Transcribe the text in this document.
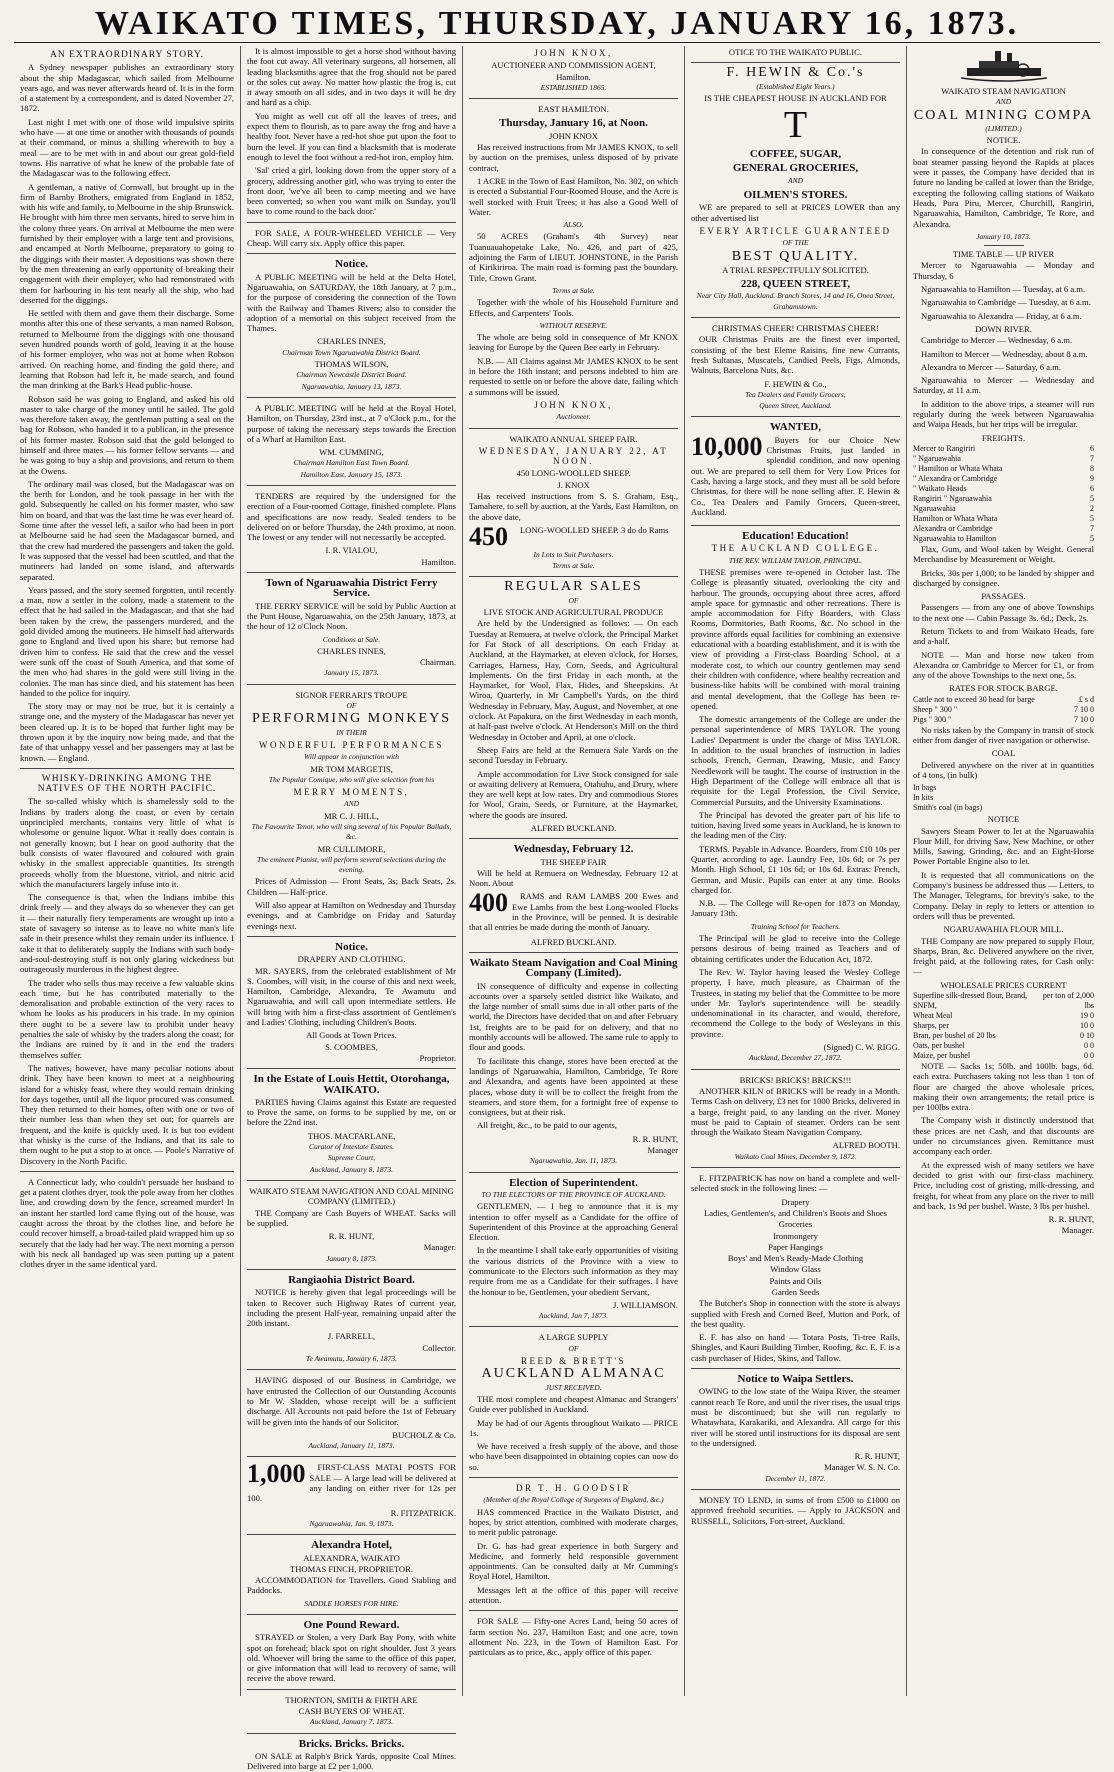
WAIKATO TIMES, THURSDAY, JANUARY 16, 1873.
AN EXTRAORDINARY STORY.

A Sydney newspaper publishes an extraordinary story about the ship Madagascar, which sailed from Melbourne years ago, and was never afterwards heard of. It is in the form of a statement by a correspondent, and is dated November 27, 1872.

Last night I met with one of those wild impulsive spirits who have — at one time or another with thousands of pounds at their command, or minus a shilling wherewith to buy a meal — are to be met with in and about our great gold-field towns. His narrative of what he knew of the probable fate of the Madagascar was to the following effect.

A gentleman, a native of Cornwall, but brought up in the firm of Barnby Brothers, emigrated from England in 1852, with his wife and family, to Melbourne in the ship Brunswick. He brought with him three men servants, hired to serve him in the colony three years. On arrival at Melbourne the men were furnished by their employer with a large tent and provisions, and encamped at North Melbourne, preparatory to going to the diggings with their master. A depositions was shown there by the men threatening an early opportunity of breaking their engagement with their employer, who had remonstrated with them for harbouring in his tent nearly all the ship, who had deserted for the diggings.

He settled with them and gave them their discharge. Some months after this one of these servants, a man named Robson, returned to Melbourne from the diggings with one thousand seven hundred pounds worth of gold, leaving it at the house of his former employer, who was not at home when Robson arrived. On reaching home, and finding the gold there, and learning that Robson had left it, he made search, and found the man drinking at the Bark's Head public-house.

Robson said he was going to England, and asked his old master to take charge of the money until he sailed. The gold was therefore taken away, the gentleman putting a seal on the bag for Robson, who handed it to a publican, in the presence of his former master. Robson said that the gold belonged to himself and three mates — his former fellow servants — and he was going to buy a ship and provisions, and return to them at the Owens.

The ordinary mail was closed, but the Madagascar was on the berth for London, and he took passage in her with the gold. Subsequently he called on his former master, who saw him on board, and that was the last time he was ever heard of. Some time after the vessel left, a sailor who had been in port at Melbourne said he had seen the Madagascar burned, and that the crew had murdered the passengers and taken the gold. It was supposed that the vessel had been scuttled, and that the mutineers had landed on some island, and afterwards separated.

Years passed, and the story seemed forgotten, until recently a man, now a settler in the colony, made a statement to the effect that he had sailed in the Madagascar, and that she had been taken by the crew, the passengers murdered, and the gold divided among the mutineers. He himself had afterwards gone to England and lived upon his share; but remorse had driven him to confess. He said that the crew and the vessel were sunk off the coast of South America, and that some of the men who had shares in the gold were still living in the colonies. The man has since died, and his statement has been handed to the police for inquiry.

The story may or may not be true, but it is certainly a strange one, and the mystery of the Madagascar has never yet been cleared up. It is to be hoped that further light may be thrown upon it by the inquiry now being made, and that the fate of that unhappy vessel and her passengers may at last be known. — England.

WHISKY-DRINKING AMONG THE NATIVES OF THE NORTH PACIFIC.

The so-called whisky which is shamelessly sold to the Indians by traders along the coast, or even by certain unprincipled merchants, contains very little of what is wholesome or genuine liquor. What it really does contain is not generally known; but I hear on good authority that the bulk consists of water flavoured and coloured with grain whisky in the smallest appreciable quantities. Its strength proceeds wholly from the bluestone, vitriol, and nitric acid which the manufacturers largely infuse into it.

The consequence is that, when the Indians imbibe this drink freely — and they always do so whenever they can get it — their naturally fiery temperaments are wrought up into a state of savagery so intense as to leave no white man's life safe in their presence whilst they remain under its influence. I take it that to deliberately supply the Indians with such body-and-soul-destroying stuff is not only glaring wickedness but outrageously murderous in the highest degree.

The trader who sells thus may receive a few valuable skins each time, but he has contributed materially to the demoralisation and probable extinction of the very races to whom he looks as his producers in his trade. In my opinion there ought to be a severe law to prohibit under heavy penalties the sale of whisky by the traders along the coast; for the Indians are ruined by it and in the end the traders themselves suffer.

The natives, however, have many peculiar notions about drink. They have been known to meet at a neighbouring island for a whisky feast, where they would remain drinking for days together, until all the liquor procured was consumed. They then returned to their homes, often with one or two of their number less than when they set out; for quarrels are frequent, and the knife is quickly used. It is but too evident that whisky is the curse of the Indians, and that its sale to them ought to be put a stop to at once. — Poole's Narrative of Discovery in the North Pacific.

A Connecticut lady, who couldn't persuade her husband to get a patent clothes dryer, took the pole away from her clothes line, and crowding down by the fence, screamed murder! In an instant her startled lord came flying out of the house, was caught across the throat by the clothes line, and before he could recover himself, a broad-tailed plaid wrapped him up so securely that the lady had her way. The next morning a person with his neck all bandaged up was seen putting up a patent clothes dryer in the same identical yard.

It is almost impossible to get a horse shod without having the foot cut away. All veterinary surgeons, all horsemen, all leading blacksmiths agree that the frog should not be pared or the soles cut away. No matter how plastic the frog is, cut it away smooth on all sides, and in two days it will be dry and hard as a chip.

You might as well cut off all the leaves of trees, and expect them to flourish, as to pare away the frog and have a healthy foot. Never have a red-hot shoe put upon the foot to burn the level. If you can find a blacksmith that is moderate enough to level the foot without a red-hot iron, employ him.

'Sal' cried a girl, looking down from the upper story of a grocery, addressing another girl, who was trying to enter the front door, 'we've all been to camp meeting and we have been converted; so when you want milk on Sunday, you'll have to come round to the back door.'

FOR SALE, A FOUR-WHEELED VEHICLE — Very Cheap. Will carry six. Apply office this paper.

Notice.

A PUBLIC MEETING will be held at the Delta Hotel, Ngaruawahia, on SATURDAY, the 18th January, at 7 p.m., for the purpose of considering the connection of the Town with the Railway and Thames Rivers; also to consider the adoption of a memorial on this subject received from the Thames.

CHARLES INNES,
Chairman Town Ngaruawahia District Board.
THOMAS WILSON,
Chairman Newcastle District Board.
Ngaruawahia, January 13, 1873.

A PUBLIC MEETING will be held at the Royal Hotel, Hamilton, on Thursday, 23rd inst., at 7 o'Clock p.m., for the purpose of taking the necessary steps towards the Erection of a Wharf at Hamilton East.

WM. CUMMING,
Chairman Hamilton East Town Board.
Hamilton East, January 15, 1873.

TENDERS are required by the undersigned for the erection of a Four-roomed Cottage, finished complete. Plans and specifications are now ready. Sealed tenders to be delivered on or before Thursday, the 24th proximo, at noon. The lowest or any tender will not necessarily be accepted.

I. R. VIALOU,
Hamilton.
Town of Ngaruawahia District Ferry Service.

THE FERRY SERVICE will be sold by Public Auction at the Punt House, Ngaruawahia, on the 25th January, 1873, at the hour of 12 o'Clock Noon.

Conditions at Sale.
CHARLES INNES,
Chairman.
January 15, 1873.
SIGNOR FERRARI'S TROUPE
OF
PERFORMING MONKEYS
IN THEIR
WONDERFUL PERFORMANCES
Will appear in conjunction with
MR TOM MARGETIS,
The Popular Comique, who will give selection from his
MERRY MOMENTS,
AND
MR C. J. HILL,
The Favourite Tenor, who will sing several of his Popular Ballads, &c.
MR CULLIMORE,
The eminent Pianist, will perform several selections during the evening.

Prices of Admission — Front Seats, 3s; Back Seats, 2s. Children — Half-price.

Will also appear at Hamilton on Wednesday and Thursday evenings, and at Cambridge on Friday and Saturday evenings next.

Notice.
DRAPERY AND CLOTHING.

MR. SAYERS, from the celebrated establishment of Mr S. Coombes, will visit, in the course of this and next week, Hamilton, Cambridge, Alexandra, Te Awamutu and Ngaruawahia, and will call upon intermediate settlers. He will bring with him a first-class assortment of Gentlemen's and Ladies' Clothing, including Children's Boots.

All Goods at Town Prices.
S. COOMBES,
Proprietor.
In the Estate of Louis Hettit, Otorohanga, WAIKATO.

PARTIES having Claims against this Estate are requested to Prove the same, on forms to be supplied by me, on or before the 22nd inst.

THOS. MACFARLANE,
Curator of Intestate Estates.
Supreme Court,
Auckland, January 8, 1873.
WAIKATO STEAM NAVIGATION AND COAL MINING COMPANY (LIMITED.)

THE Company are Cash Buyers of WHEAT. Sacks will be supplied.

R. R. HUNT,
Manager.
January 8, 1873.
Rangiaohia District Board.

NOTICE is hereby given that legal proceedings will be taken to Recover such Highway Rates of current year, including the present Half-year, remaining unpaid after the 20th instant.

J. FARRELL,
Collector.
Te Awamutu, January 6, 1873.

HAVING disposed of our Business in Cambridge, we have entrusted the Collection of our Outstanding Accounts to Mr W. Sladden, whose receipt will be a sufficient discharge. All Accounts not paid before the 1st of February will be given into the hands of our Solicitor.

BUCHOLZ & Co.
Auckland, January 11, 1873.
1,000	FIRST-CLASS MATAI POSTS FOR SALE — A large lead will be delivered at any landing on either river for 12s per 100.

R. FITZPATRICK.
Ngaruawahia, Jan. 9, 1873.
Alexandra Hotel,
ALEXANDRA, WAIKATO
THOMAS FINCH, PROPRIETOR.

ACCOMMODATION for Travellers. Good Stabling and Paddocks.

SADDLE HORSES FOR HIRE.
One Pound Reward.

STRAYED or Stolen, a very Dark Bay Pony, with white spot on forehead; black spot on right shoulder. Just 3 years old. Whoever will bring the same to the office of this paper, or give information that will lead to recovery of same, will receive the above reward.

THORNTON, SMITH & FIRTH ARE
CASH BUYERS OF WHEAT.
Auckland, January 7, 1873.
Bricks. Bricks. Bricks.

ON SALE at Ralph's Brick Yards, opposite Coal Mines. Delivered into barge at £2 per 1,000.

JOHN KNOX,
AUCTIONEER AND COMMISSION AGENT,
Hamilton.
ESTABLISHED 1865.
EAST HAMILTON.
Thursday, January 16, at Noon.
JOHN KNOX

Has received instructions from Mr JAMES KNOX, to sell by auction on the premises, unless disposed of by private contract,

1 ACRE in the Town of East Hamilton, No. 302, on which is erected a Substantial Four-Roomed House, and the Acre is well stocked with Fruit Trees; it has also a Good Well of Water.

ALSO,

50 ACRES (Graham's 4th Survey) near Tuanuauahopetake Lake, No. 426, and part of 425, adjoining the Farm of LIEUT. JOHNSTONE, in the Parish of Kirikiriroa. The main road is forming past the boundary. Title, Crown Grant.

Terms at Sale.

Together with the whole of his Household Furniture and Effects, and Carpenters' Tools.

WITHOUT RESERVE.

The whole are being sold in consequence of Mr KNOX leaving for Europe by the Queen Bee early in February.

N.B. — All Claims against Mr JAMES KNOX to be sent in before the 16th instant; and persons indebted to him are requested to settle on or before the above date, failing which a summons will be issued.

JOHN KNOX,
Auctioneer.
WAIKATO ANNUAL SHEEP FAIR.
WEDNESDAY, JANUARY 22, AT NOON.
450 LONG-WOOLLED SHEEP.
J. KNOX

Has received instructions from S. S. Graham, Esq., Tamahere, to sell by auction, at the Yards, East Hamilton, on the above date,

450	LONG-WOOLLED SHEEP. 3 do do Rams

In Lots to Suit Purchasers.
Terms at Sale.
REGULAR SALES
OF
LIVE STOCK AND AGRICULTURAL PRODUCE

Are held by the Undersigned as follows: — On each Tuesday at Remuera, at twelve o'clock, the Principal Market for Fat Stock of all descriptions. On each Friday at Auckland, at the Haymarket, at eleven o'clock, for Horses, Carriages, Harness, Hay, Corn, Seeds, and Agricultural Implements. On the first Friday in each month, at the Haymarket, for Wool, Flax, Hides, and Sheepskins. At Wiroa, Quarterly, in Mr Campbell's Yards, on the third Wednesday in February, May, August, and November, at one o'clock. At Papakura, on the first Wednesday in each month, at half-past twelve o'clock. At Henderson's Mill on the third Wednesday in October and April, at one o'clock.

Sheep Fairs are held at the Remuera Sale Yards on the second Tuesday in February.

Ample accommodation for Live Stock consigned for sale or awaiting delivery at Remuera, Otahuhu, and Drury, where they are well kept at low rates. Dry and commodious Stores for Wool, Grain, Seeds, or Furniture, at the Haymarket, where the goods are insured.

ALFRED BUCKLAND.
Wednesday, February 12.
THE SHEEP FAIR

Will be held at Remuera on Wednesday, February 12 at Noon. About

400	RAMS and RAM LAMBS 200 Ewes and Ewe Lambs from the best Long-wooled Flocks in the Province, will be penned. It is desirable that all entries be made during the month of January.

ALFRED BUCKLAND.
Waikato Steam Navigation and Coal Mining Company (Limited).

IN consequence of difficulty and expense in collecting accounts over a sparsely settled district like Waikato, and the large number of small sums due in all other parts of the world, the Directors have decided that on and after February 1st, freights are to be paid for on delivery, and that no monthly accounts will be allowed. The same rule to apply to flour and goods.

To facilitate this change, stores have been erected at the landings of Ngaruawahia, Hamilton, Cambridge, Te Rore and Alexandra, and agents have been appointed at these places, whose duty it will be to collect the freight from the steamers, and store them, for a fortnight free of expense to consignees, but at their risk.

All freight, &c., to be paid to our agents,

R. R. HUNT,
Manager
Ngaruawahia, Jan. 11, 1873.
Election of Superintendent.
TO THE ELECTORS OF THE PROVINCE OF AUCKLAND.

GENTLEMEN, — I beg to announce that it is my intention to offer myself as a Candidate for the office of Superintendent of this Province at the approaching General Election.

In the meantime I shall take early opportunities of visiting the various districts of the Province with a view to communicate to the Electors such information as they may require from me as a Candidate for their suffrages. I have the honour to be, Gentlemen, your obedient Servant,

J. WILLIAMSON.
Auckland, Jan 7, 1873.
A LARGE SUPPLY
OF
REED & BRETT'S
AUCKLAND ALMANAC
JUST RECEIVED.

THE most complete and cheapest Almanac and Strangers' Guide ever published in Auckland.

May be had of our Agents throughout Waikato — PRICE 1s.

We have received a fresh supply of the above, and those who have been disappointed in obtaining copies can now do so.

DR T. H. GOODSIR
(Member of the Royal College of Surgeons of England, &c.)

HAS commenced Practice in the Waikato District, and hopes, by strict attention, combined with moderate charges, to merit public patronage.

Dr. G. has had great experience in both Surgery and Medicine, and formerly held responsible government appointments. Can be consulted daily at Mr Cumming's Royal Hotel, Hamilton.

Messages left at the office of this paper will receive attention.

FOR SALE — Fifty-one Acres Land, being 50 acres of farm section No. 237, Hamilton East; and one acre, town allotment No. 223, in the Town of Hamilton East. For particulars as to price, &c., apply office of this paper.

OTICE TO THE WAIKATO PUBLIC.
F. HEWIN & Co.'s
(Established Eight Years.)
IS THE CHEAPEST HOUSE IN AUCKLAND FOR
T
COFFEE, SUGAR,
GENERAL GROCERIES,
AND
OILMEN'S STORES.

WE are prepared to sell at PRICES LOWER than any other advertised list

EVERY ARTICLE GUARANTEED
OF THE
BEST QUALITY.
A TRIAL RESPECTFULLY SOLICITED.
228, QUEEN STREET,
Near City Hall, Auckland. Branch Stores, 14 and 16, Onea Street, Grahamstown.
CHRISTMAS CHEER! CHRISTMAS CHEER!

OUR Christmas Fruits are the finest ever imported, consisting of the best Eleme Raisins, fine new Currants, fresh Sultanas, Muscatels, Candied Peels, Figs, Almonds, Walnuts, Barcelona Nuts, &c.

F. HEWIN & Co.,
Tea Dealers and Family Grocers,
Queen Street, Auckland.
WANTED,
10,000	Buyers for our Choice New Christmas Fruits, just landed in splendid condition, and now opening out. We are prepared to sell them for Very Low Prices for Cash, having a large stock, and they must all be sold before Christmas, for there will be none selling after. F. Hewin & Co., Tea Dealers and Family Grocers, Queen-street, Auckland.

Education! Education!
THE AUCKLAND COLLEGE.
THE REV. WILLIAM TAYLOR, PRINCIPAL.

THESE premises were re-opened in October last. The College is pleasantly situated, overlooking the city and harbour. The grounds, occupying about three acres, afford ample space for gymnastic and other recreations. There is ample accommodation for Fifty Boarders, with Class Rooms, Dormitories, Bath Rooms, &c. No school in the province affords equal facilities for combining an extensive educational with a boarding establishment, and it is with the view of providing a First-class Boarding School, at a moderate cost, to which our country gentlemen may send their children with confidence, where healthy recreation and business-like habits will be combined with moral training and mental development, that the College has been re-opened.

The domestic arrangements of the College are under the personal superintendence of MRS TAYLOR. The young Ladies' Department is under the charge of Miss TAYLOR. In addition to the usual branches of instruction in ladies schools, French, German, Drawing, Music, and Fancy Needlework will be taught. The course of instruction in the High Department of the College will embrace all that is requisite for the Legal Profession, the Civil Service, Commercial Pursuits, and the University Examinations.

The Principal has devoted the greater part of his life to tuition, having lived some years in Auckland, he is known to the leading men of the City.

TERMS. Payable in Advance. Boarders, from £10 10s per Quarter, according to age. Laundry Fee, 10s 6d; or 7s per Month. High School, £1 10s 6d; or 10s 6d. Extras: French, German, and Music. Pupils can enter at any time. Books charged for.

N.B. — The College will Re-open for 1873 on Monday, January 13th.

Training School for Teachers.

The Principal will be glad to receive into the College persons desirous of being trained as Teachers and of obtaining certificates under the Education Act, 1872.

The Rev. W. Taylor having leased the Wesley College property, I have, much pleasure, as Chairman of the Trustees, in stating my belief that the Committee to be more under Mr. Taylor's superintendence will be steadily undenominational in its character, and would, therefore, recommend the College to the body of Wesleyans in this province.

(Signed) C. W. RIGG.
Auckland, December 27, 1872.
BRICKS! BRICKS! BRICKS!!!

ANOTHER KILN of BRICKS will be ready in a Month. Terms Cash on delivery, £3 net for 1000 Bricks, delivered in a barge, freight paid, to any landing on the river. Money must be paid to Captain of steamer. Orders can be sent through the Waikato Steam Navigation Company.

ALFRED BOOTH.
Waikato Coal Mines, December 9, 1872.

E. FITZPATRICK has now on hand a complete and well-selected stock in the following lines: —

Drapery
Ladies, Gentlemen's, and Children's Boots and Shoes
Groceries
Ironmongery
Paper Hangings
Boys' and Men's Ready-Made Clothing
Window Glass
Paints and Oils
Garden Seeds

The Butcher's Shop in connection with the store is always supplied with Fresh and Corned Beef, Mutton and Pork, of the best quality.

E. F. has also on hand — Totara Posts, Ti-tree Rails, Shingles, and Kauri Building Timber, Roofing, &c. E. F. is a cash purchaser of Hides, Skins, and Tallow.

Notice to Waipa Settlers.

OWING to the low state of the Waipa River, the steamer cannot reach Te Rore, and until the river rises, the usual trips must be discontinued; but she will run regularly to Whatawhata, Karakariki, and Alexandra. All cargo for this river will be stored until instructions for its disposal are sent to the undersigned.

R. R. HUNT,
Manager W. S. N. Co.
December 11, 1872.

MONEY TO LEND, in sums of from £500 to £1000 on approved freehold securities. — Apply to JACKSON and RUSSELL, Solicitors, Fort-street, Auckland.

WAIKATO STEAM NAVIGATION
AND
COAL MINING COMPA
(LIMITED.)
NOTICE.

In consequence of the detention and risk run of boat steamer passing beyond the Rapids at places were it passes, the Company have decided that in future no landing be called at lower than the Bridge, excepting the following calling stations of Waikato Heads, Pura Piru, Mercer, Churchill, Rangiriri, Ngaruawahia, Hamilton, Cambridge, Te Rore, and Alexandra.

January 10, 1873.
TIME TABLE — UP RIVER

Mercer to Ngaruawahia — Monday and Thursday, 6

Ngaruawahia to Hamilton — Tuesday, at 6 a.m.

Ngaruawahia to Cambridge — Tuesday, at 6 a.m.

Ngaruawahia to Alexandra — Friday, at 6 a.m.

DOWN RIVER.

Cambridge to Mercer — Wednesday, 6 a.m.

Hamilton to Mercer — Wednesday, about 8 a.m.

Alexandra to Mercer — Saturday, 6 a.m.

Ngaruawahia to Mercer — Wednesday and Saturday, at 11 a.m.

In addition to the above trips, a steamer will run regularly during the week between Ngaruawahia and Waipa Heads, but her trips will be irregular.

FREIGHTS.
Mercer to Rangiriri	6
" Ngaruawahia	7
" Hamilton or Whata Whata	8
" Alexandra or Cambridge	9
" Waikato Heads	6
Rangiriri " Ngaruawahia	5
Ngaruawahia	2
Hamilton or Whata Whata	5
Alexandra or Cambridge	7
Ngaruawahia to Hamilton	5

Flax, Gum, and Wool taken by Weight. General Merchandise by Measurement or Weight.

Bricks, 30s per 1,000; to be landed by shipper and discharged by consignee.

PASSAGES.

Passengers — from any one of above Townships to the next one — Cabin Passage 3s. 6d.; Deck, 2s.

Return Tickets to and from Waikato Heads, fare and a-half.

NOTE — Man and horse now taken from Alexandra or Cambridge to Mercer for £1, or from any of the above Townships to the next one, 5s.

RATES FOR STOCK BARGE.
Cattle not to exceed 30 head for barge	£ s d
Sheep " 300 "	7 10 0
Pigs " 300 "	7 10 0

No risks taken by the Company in transit of stock either from danger of river navigation or otherwise.

COAL

Delivered anywhere on the river at in quantities of 4 tons, (in bulk)

In bags	
In kits	
Smith's coal (in bags)	
NOTICE

Sawyers Steam Power to let at the Ngaruawahia Flour Mill, for driving Saw, New Machine, or other Mills, Sawing, Grinding, &c. and an Eight-Horse Power Portable Engine also to let.

It is requested that all communications on the Company's business be addressed thus — Letters, to The Manager, Telegrams, for brevity's sake, to the Company. Delay in reply to letters or attention to orders will thus be prevented.

NGARUAWAHIA FLOUR MILL.

THE Company are now prepared to supply Flour, Sharps, Bran, &c. Delivered anywhere on the river, freight paid, at the following rates, for Cash only: —

WHOLESALE PRICES CURRENT
Superfine silk-dressed flour, Brand, SNFM,	per ton of 2,000 lbs
Wheat Meal	19 0
Sharps, per	10 0
Bran, per bushel of 20 lbs	0 10
Oats, per bushel	0 0
Maize, per bushel	0 0

NOTE — Sacks 1s; 50lb. and 100lb. bags, 6d. each extra. Purchasers taking not less than 1 ton of flour are charged the above wholesale prices, making their own arrangements; the retail price is per 100lbs extra.

The Company wish it distinctly understood that these prices are net Cash, and that discounts are under no circumstances given. Remittance must accompany each order.

At the expressed wish of many settlers we have decided to grist with our first-class machinery. Price, including cost of gristing, milk-dressing, and freight, for wheat from any place on the river to mill and back, 1s 9d per bushel. Waste, 3 lbs per bushel.

R. R. HUNT,
Manager.
